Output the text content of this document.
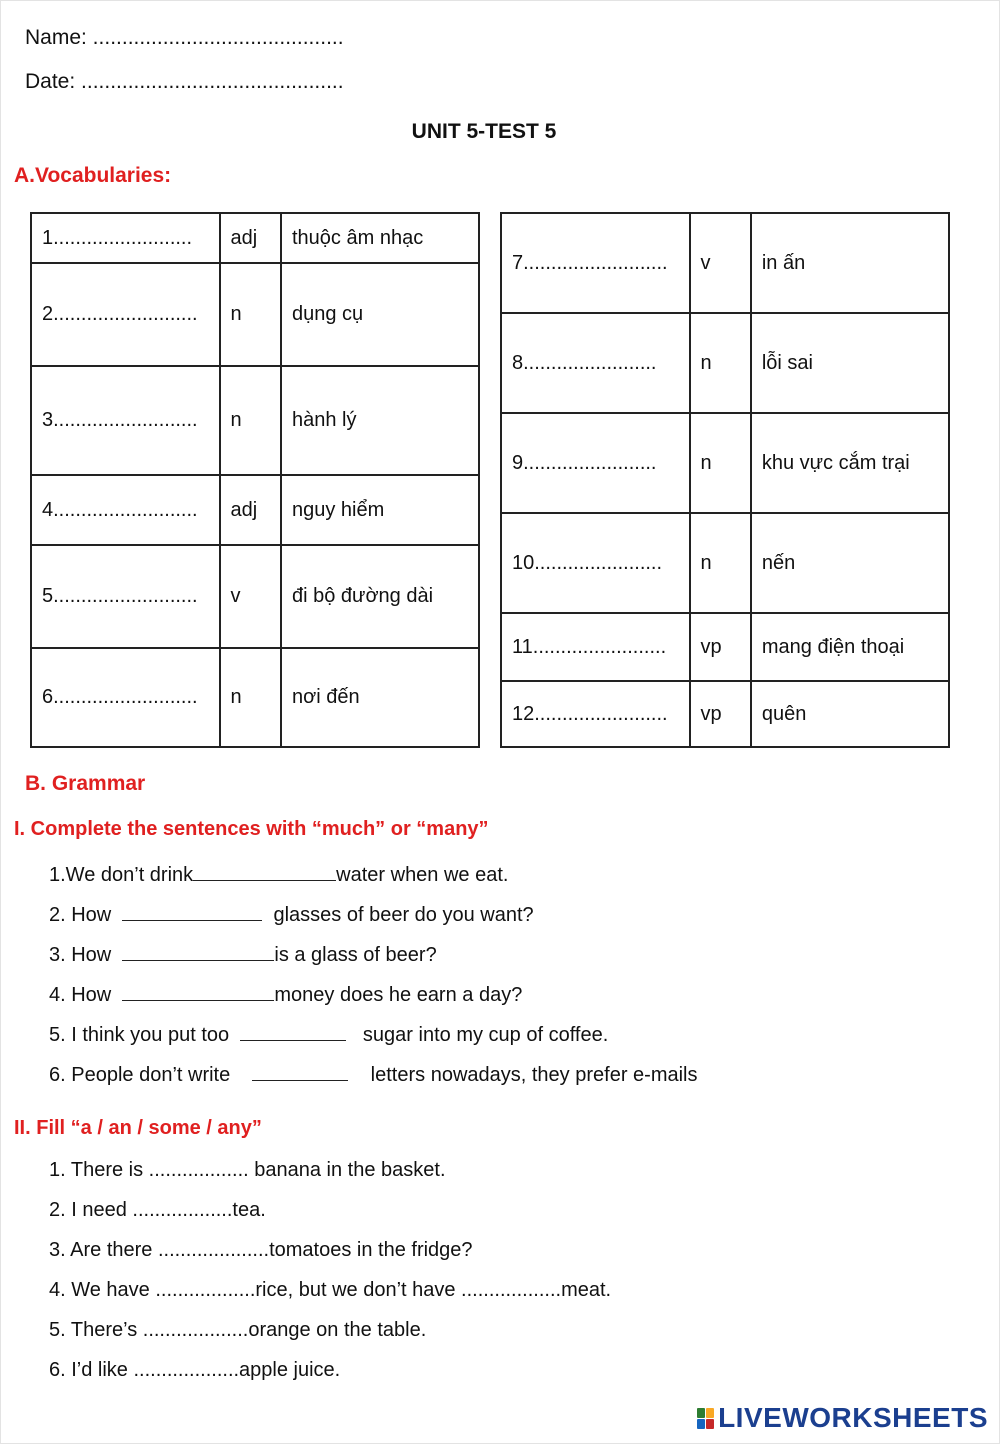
Name: ...........................................
Date: .............................................
UNIT 5-TEST 5
A.Vocabularies:
1.........................	adj	thuộc âm nhạc
2..........................	n	dụng cụ
3..........................	n	hành lý
4..........................	adj	nguy hiểm
5..........................	v	đi bộ đường dài
6..........................	n	nơi đến
7..........................	v	in ấn
8........................	n	lỗi sai
9........................	n	khu vực cắm trại
10.......................	n	nến
11........................	vp	mang điện thoại
12........................	vp	quên
B. Grammar
I. Complete the sentences with “much” or “many”
1.We don’t drink	water when we eat.
2. How	glasses of beer do you want?
3. How	is a glass of beer?
4. How	money does he earn a day?
5. I think you put too	sugar into my cup of coffee.
6. People don’t write	letters nowadays, they prefer e-mails
II. Fill “a / an / some / any”
1. There is .................. banana in the basket.
2. I need ..................tea.
3. Are there ....................tomatoes in the fridge?
4. We have ..................rice, but we don’t have ..................meat.
5. There’s ...................orange on the table.
6. I’d like ...................apple juice.
LIVEWORKSHEETS
